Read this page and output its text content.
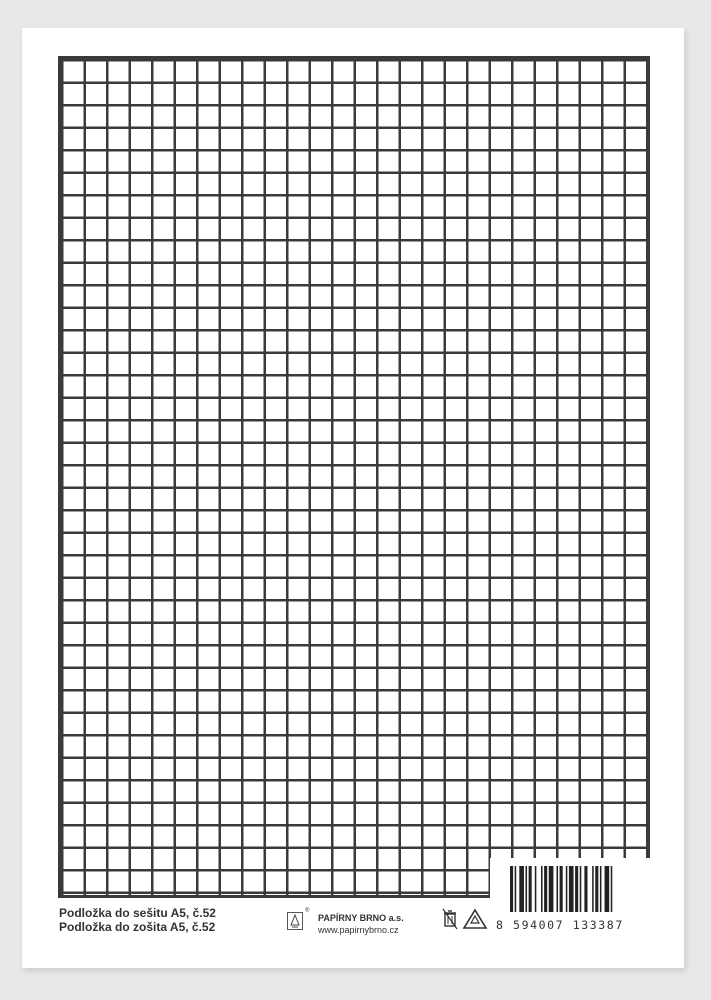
Podložka do sešitu A5, č.52
Podložka do zošita A5, č.52
®
PAPÍRNY BRNO a.s.
www.papirnybrno.cz	8 594007 133387
